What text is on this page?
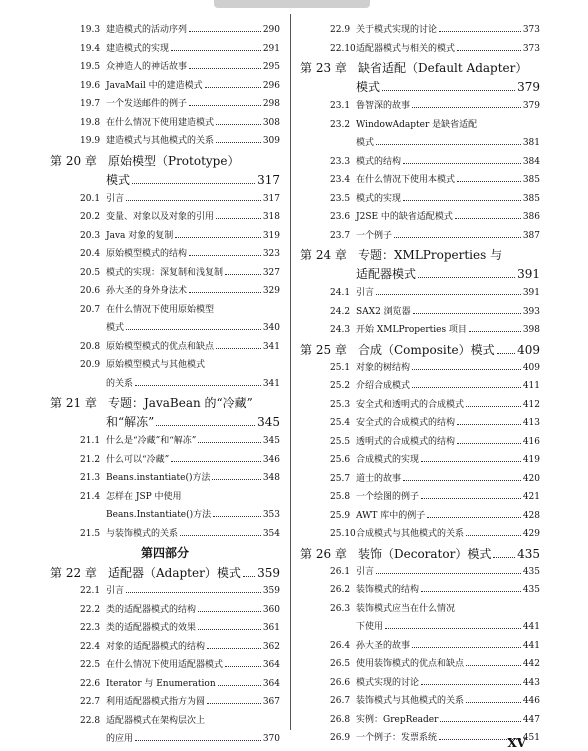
19.3 建造模式的活动序列	290
19.4 建造模式的实现	291
19.5 众神造人的神话故事	295
19.6 JavaMail 中的建造模式	296
19.7 一个发送邮件的例子	298
19.8 在什么情况下使用建造模式	308
19.9 建造模式与其他模式的关系	309
第 20 章 原始模型（Prototype）
模式	317
20.1 引言	317
20.2 变量、对象以及对象的引用	318
20.3 Java 对象的复制	319
20.4 原始模型模式的结构	323
20.5 模式的实现：深复制和浅复制	327
20.6 孙大圣的身外身法术	329
20.7 在什么情况下使用原始模型
模式	340
20.8 原始模型模式的优点和缺点	341
20.9 原始模型模式与其他模式
的关系	341
第 21 章 专题：JavaBean 的“冷藏”
和“解冻”	345
21.1 什么是“冷藏”和“解冻”	345
21.2 什么可以“冷藏”	346
21.3 Beans.instantiate()方法	348
21.4 怎样在 JSP 中使用
Beans.Instantiate()方法	353
21.5 与装饰模式的关系	354
第四部分
第 22 章 适配器（Adapter）模式 359
22.1 引言	359
22.2 类的适配器模式的结构	360
22.3 类的适配器模式的效果	361
22.4 对象的适配器模式的结构	362
22.5 在什么情况下使用适配器模式	364
22.6 Iterator 与 Enumeration	364
22.7 利用适配器模式指方为圆	367
22.8 适配器模式在架构层次上
的应用	370
22.9 关于模式实现的讨论	373
22.10 适配器模式与相关的模式	373
第 23 章 缺省适配（Default Adapter）
模式	379
23.1 鲁智深的故事	379
23.2 WindowAdapter 是缺省适配
模式	381
23.3 模式的结构	384
23.4 在什么情况下使用本模式	385
23.5 模式的实现	385
23.6 J2SE 中的缺省适配模式	386
23.7 一个例子	387
第 24 章 专题：XMLProperties 与
适配器模式	391
24.1 引言	391
24.2 SAX2 浏览器	393
24.3 开始 XMLProperties 项目	398
第 25 章 合成（Composite）模式 409
25.1 对象的树结构	409
25.2 介绍合成模式	411
25.3 安全式和透明式的合成模式	412
25.4 安全式的合成模式的结构	413
25.5 透明式的合成模式的结构	416
25.6 合成模式的实现	419
25.7 道士的故事	420
25.8 一个绘图的例子	421
25.9 AWT 库中的例子	428
25.10 合成模式与其他模式的关系	429
第 26 章 装饰（Decorator）模式 435
26.1 引言	435
26.2 装饰模式的结构	435
26.3 装饰模式应当在什么情况
下使用	441
26.4 孙大圣的故事	441
26.5 使用装饰模式的优点和缺点	442
26.6 模式实现的讨论	443
26.7 装饰模式与其他模式的关系	446
26.8 实例：GrepReader	447
26.9 一个例子：发票系统	451
XV
